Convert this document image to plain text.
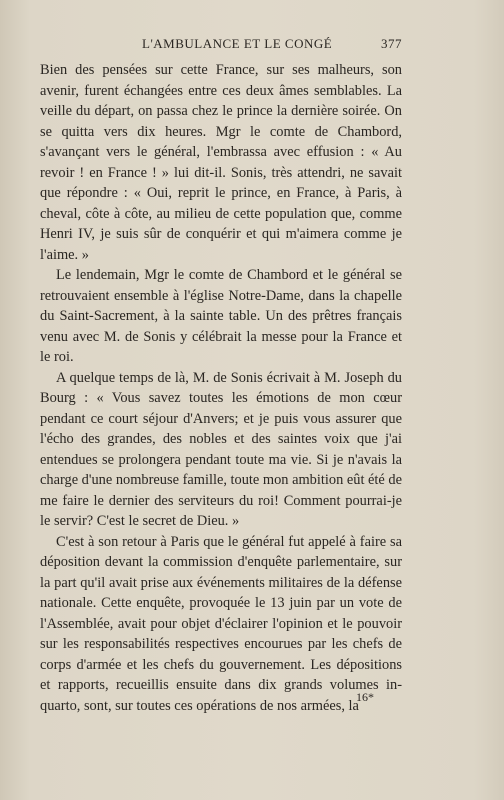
L'AMBULANCE ET LE CONGÉ	377

Bien des pensées sur cette France, sur ses malheurs, son avenir, furent échangées entre ces deux âmes semblables. La veille du départ, on passa chez le prince la dernière soirée. On se quitta vers dix heures. Mgr le comte de Chambord, s'avançant vers le général, l'embrassa avec effusion : « Au revoir ! en France ! » lui dit-il. Sonis, très attendri, ne savait que répondre : « Oui, reprit le prince, en France, à Paris, à cheval, côte à côte, au milieu de cette population que, comme Henri IV, je suis sûr de conquérir et qui m'aimera comme je l'aime. »

Le lendemain, Mgr le comte de Chambord et le général se retrouvaient ensemble à l'église Notre-Dame, dans la chapelle du Saint-Sacrement, à la sainte table. Un des prêtres français venu avec M. de Sonis y célébrait la messe pour la France et le roi.

A quelque temps de là, M. de Sonis écrivait à M. Joseph du Bourg : « Vous savez toutes les émotions de mon cœur pendant ce court séjour d'Anvers; et je puis vous assurer que l'écho des grandes, des nobles et des saintes voix que j'ai entendues se prolongera pendant toute ma vie. Si je n'avais la charge d'une nombreuse famille, toute mon ambition eût été de me faire le dernier des serviteurs du roi! Comment pourrai-je le servir? C'est le secret de Dieu. »

C'est à son retour à Paris que le général fut appelé à faire sa déposition devant la commission d'enquête parlementaire, sur la part qu'il avait prise aux événements militaires de la défense nationale. Cette enquête, provoquée le 13 juin par un vote de l'Assemblée, avait pour objet d'éclairer l'opinion et le pouvoir sur les responsabilités respectives encourues par les chefs de corps d'armée et les chefs du gouvernement. Les dépositions et rapports, recueillis ensuite dans dix grands volumes in-quarto, sont, sur toutes ces opérations de nos armées, la

16*
